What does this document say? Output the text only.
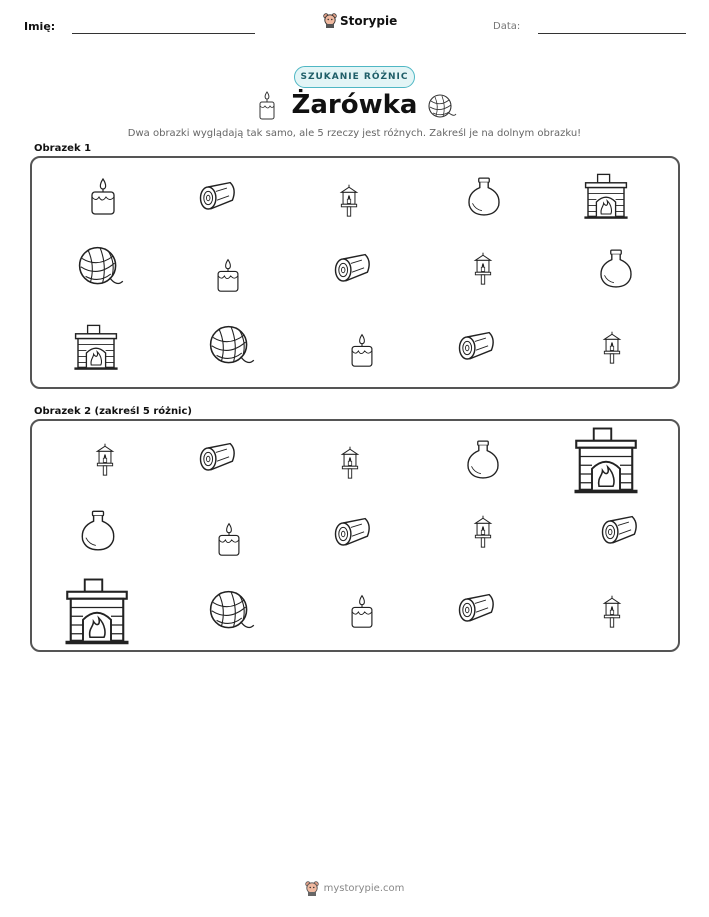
Imię:	Storypie	Data:
SZUKANIE RÓŻNIC
Żarówka
Dwa obrazki wyglądają tak samo, ale 5 rzeczy jest różnych. Zakreśl je na dolnym obrazku!
Obrazek 1
Obrazek 2 (zakreśl 5 różnic)
mystorypie.com
